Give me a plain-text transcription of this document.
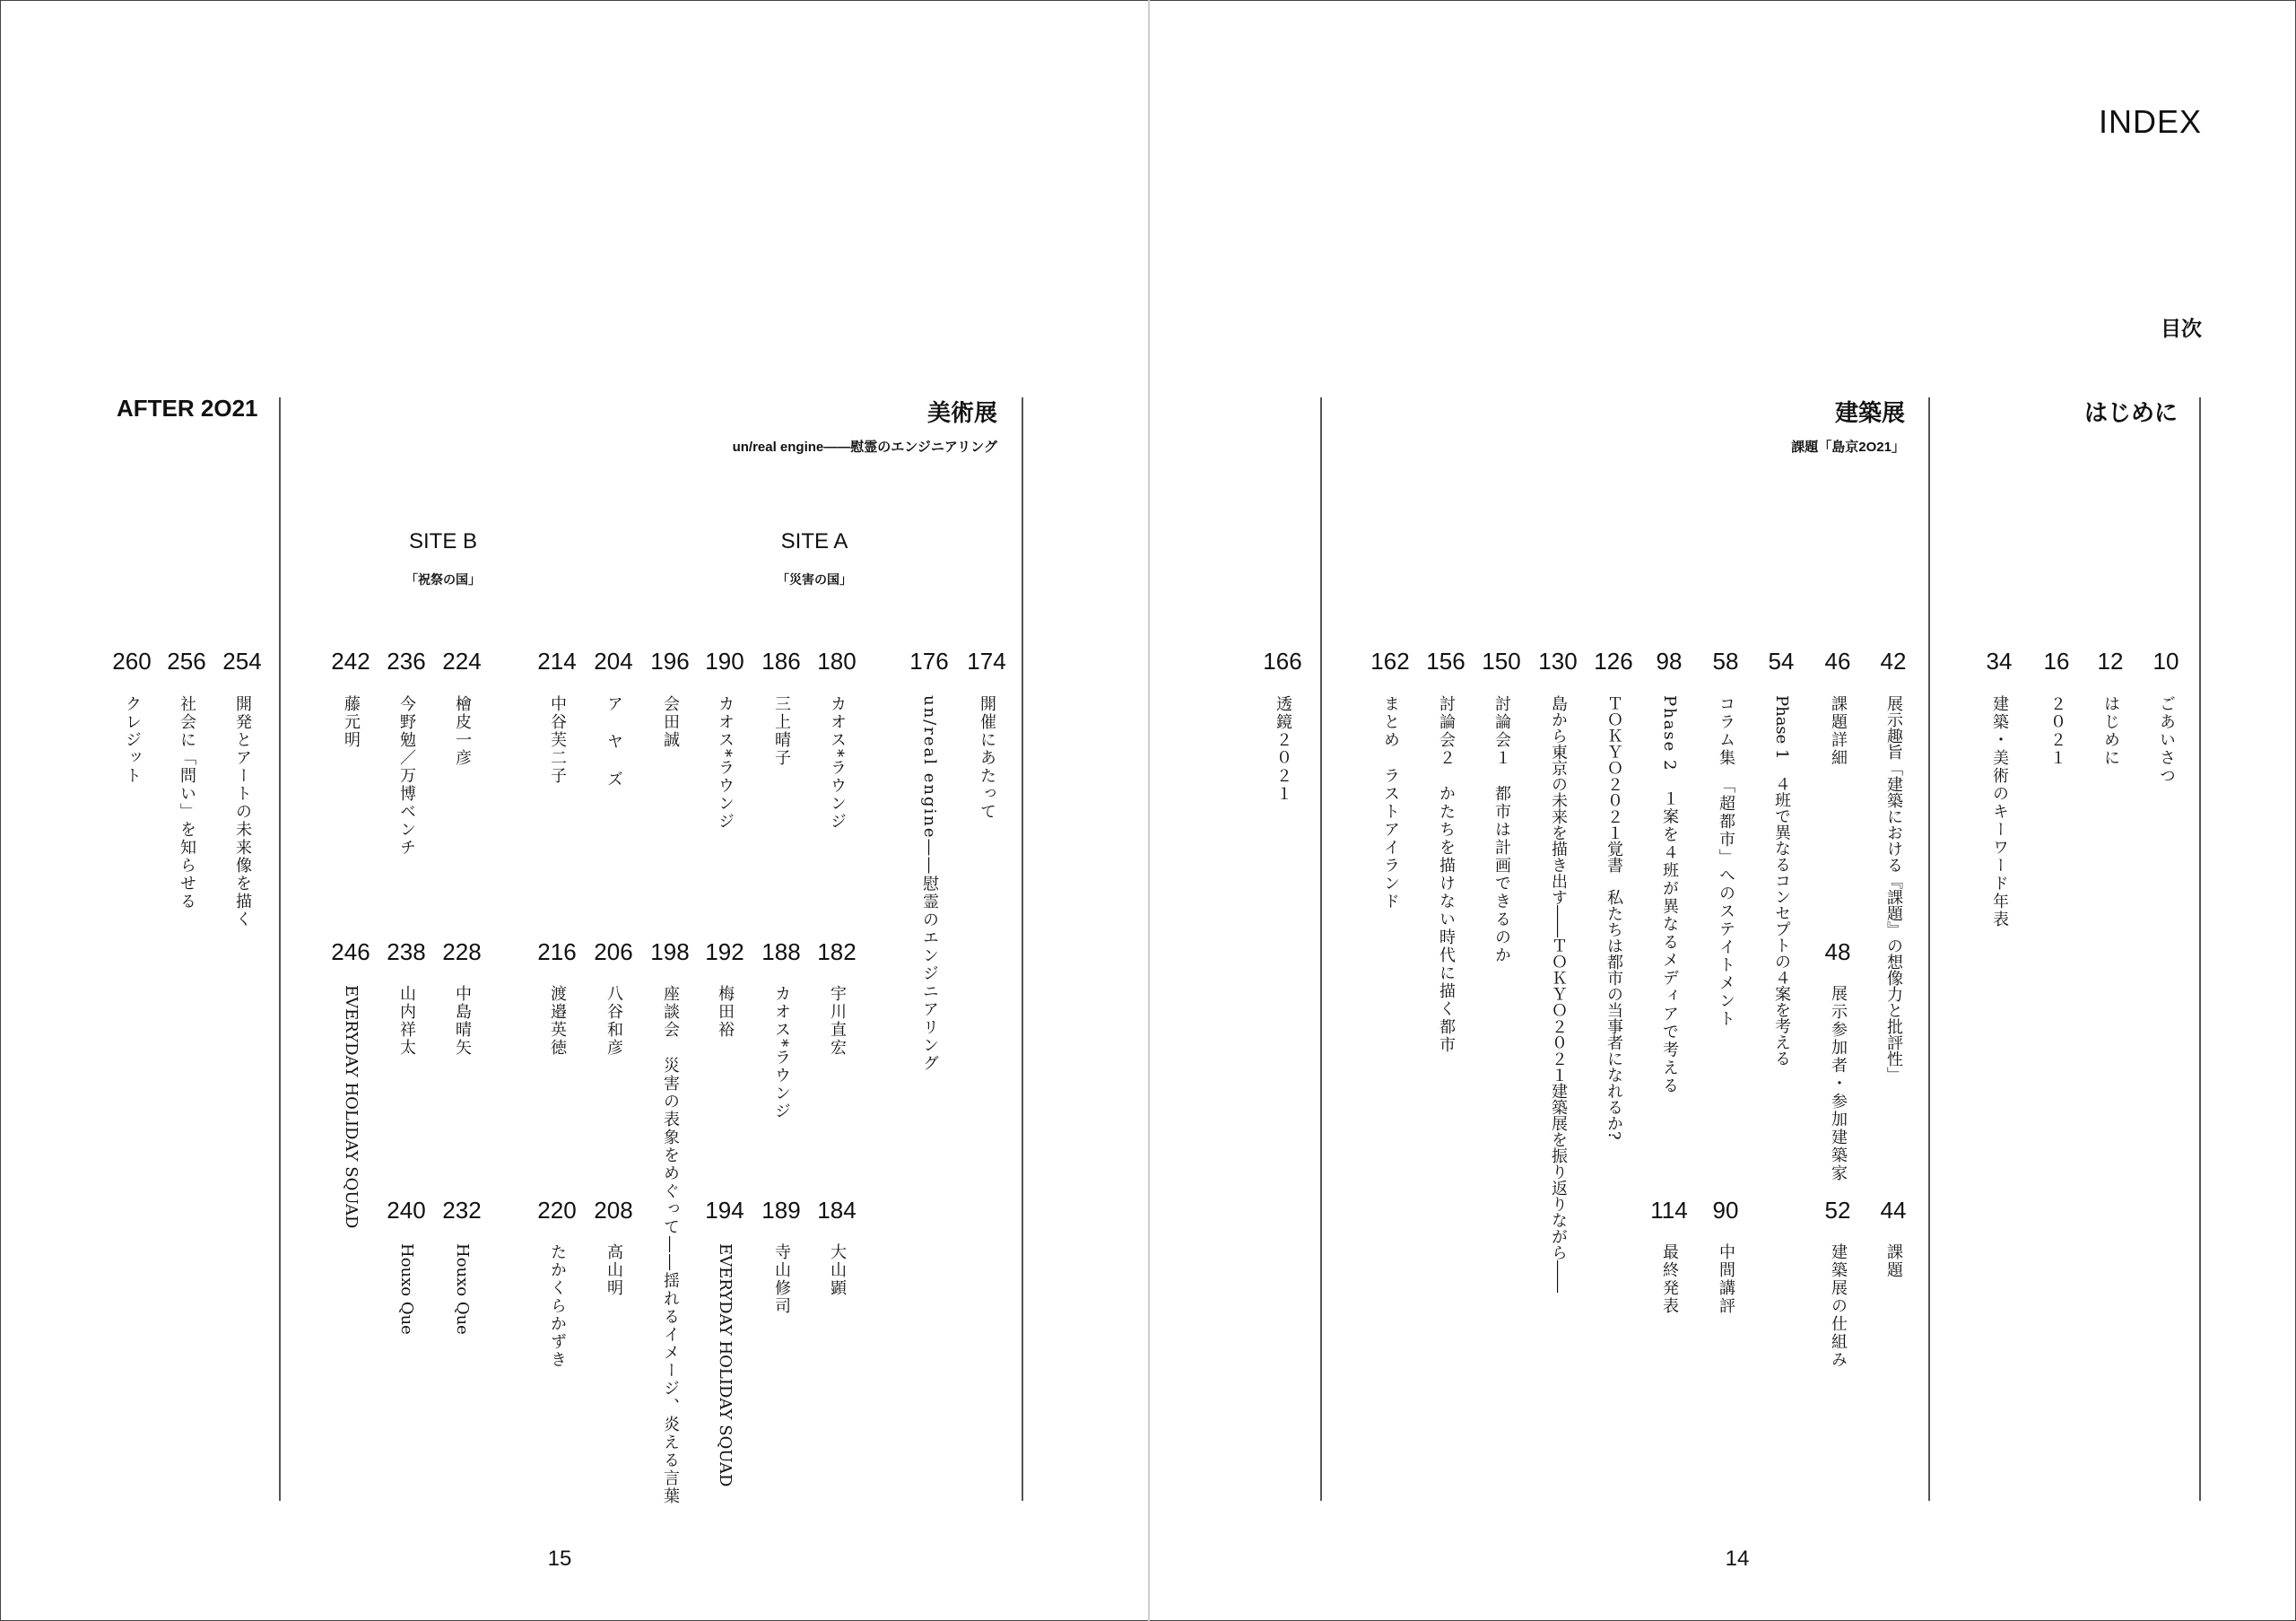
INDEX
目次
AFTER 2O21	美術展
un/real engine――慰霊のエンジニアリング
建築展
課題「島京2O21」
はじめに
SITE B
「祝祭の国」
SITE A
「災害の国」
260
クレジット
256
社会に「問い」を知らせる
254
開発とアートの未来像を描く
242
藤元明
236
今野勉／万博ベンチ
224
檜皮一彦
214
中谷芙二子
204
アヤズ
196
会田誠
190
カオス*ラウンジ
186
三上晴子
180
カオス*ラウンジ
176
un/real engine――慰霊のエンジニアリング
174
開催にあたって
246
EVERYDAY HOLIDAY SQUAD
238
山内祥太
228
中島晴矢
216
渡邉英徳
206
八谷和彦
198
座談会　災害の表象をめぐって――揺れるイメージ、炎える言葉
192
梅田裕
188
カオス*ラウンジ
182
宇川直宏
240
Houxo Que
232
Houxo Que
220
たかくらかずき
208
高山明
194
EVERYDAY HOLIDAY SQUAD
189
寺山修司
184
大山顕
166
透鏡２０２１
162
まとめ　ラストアイランド
156
討論会２　かたちを描けない時代に描く都市
150
討論会１　都市は計画できるのか
130
島から東京の未来を描き出す――ＴＯＫＹＯ２０２１建築展を振り返りながら――
126
ＴＯＫＹＯ２０２１覚書　私たちは都市の当事者になれるか?
98
Phase 2　１案を４班が異なるメディアで考える
58
コラム集　「超都市」へのステイトメント
54
Phase 1　４班で異なるコンセプトの４案を考える
46
課題詳細
42
展示趣旨「建築における『課題』の想像力と批評性」
34
建築・美術のキーワード年表
16
２０２１
12
はじめに
10
ごあいさつ
48
展示参加者・参加建築家
114
最終発表
90
中間講評
52
建築展の仕組み
44
課題
15	14
